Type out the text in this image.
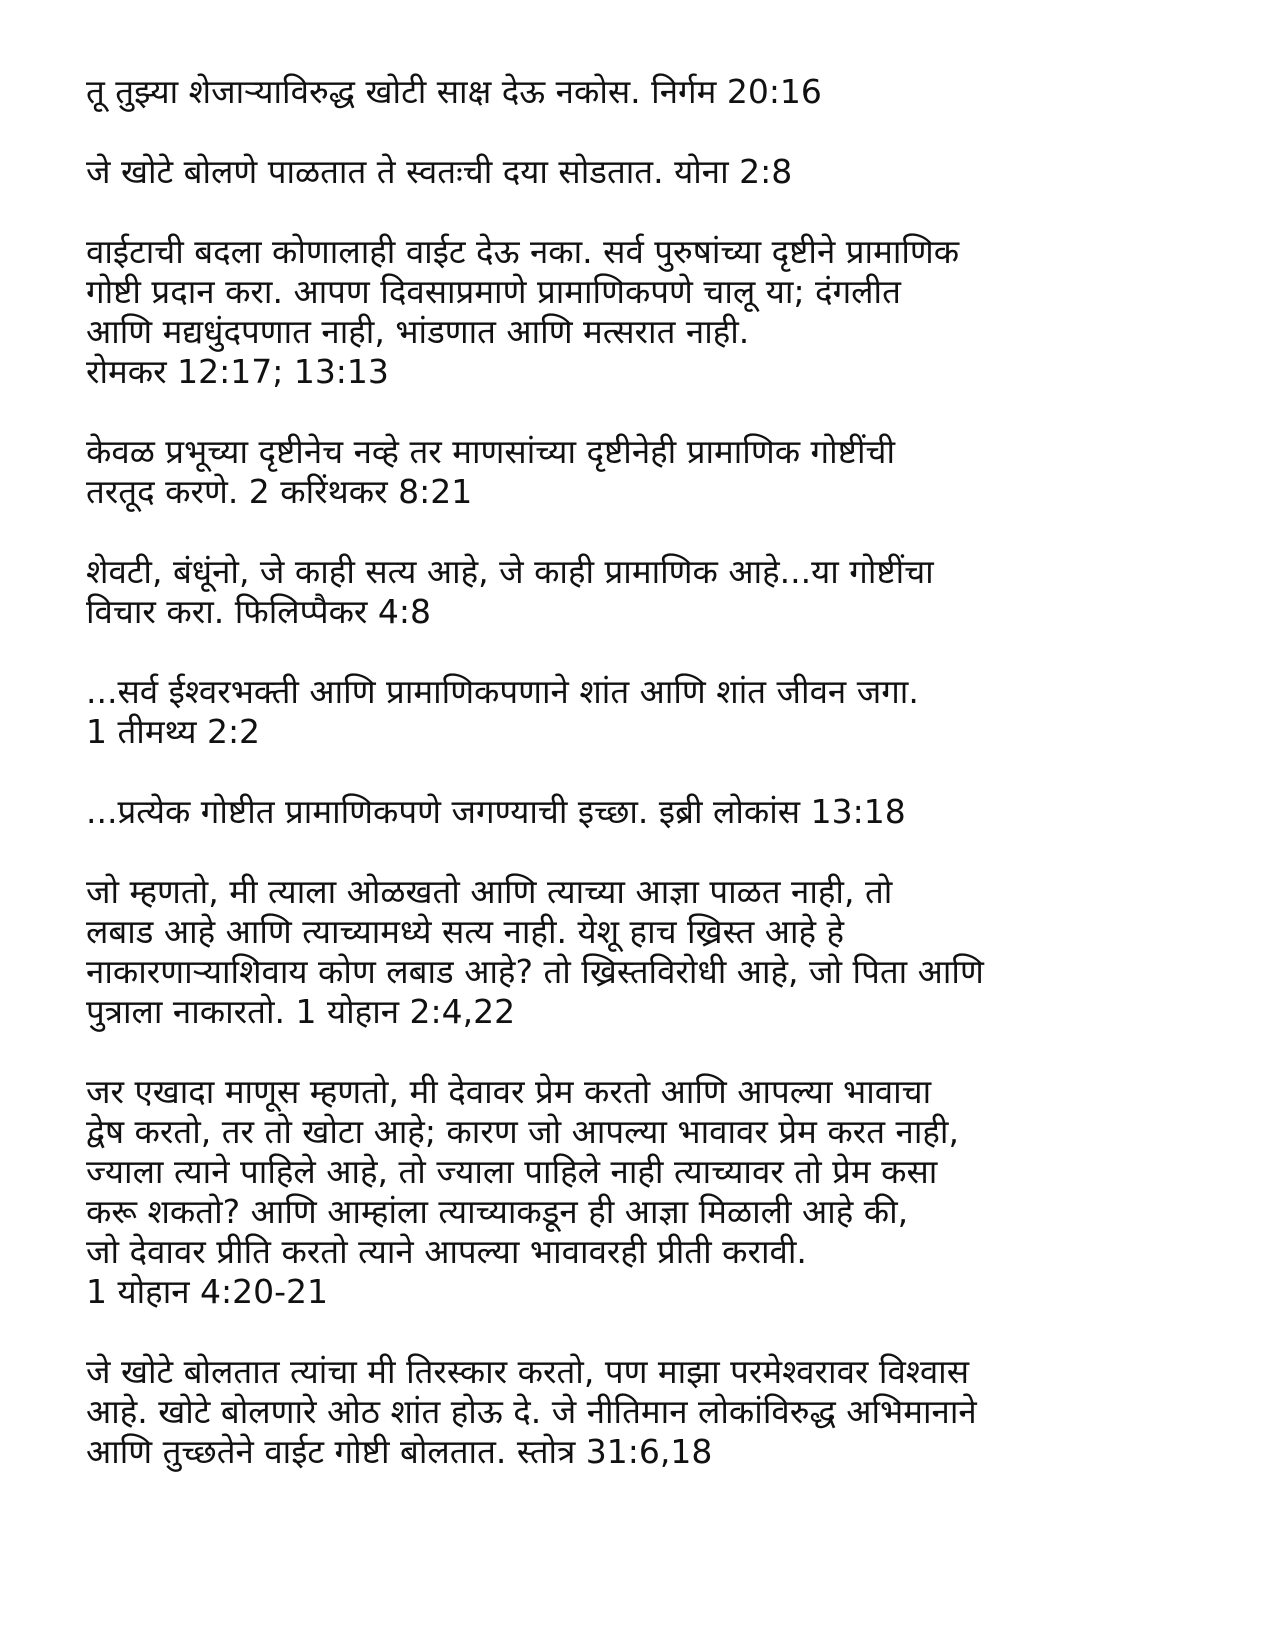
तू तुझ्या शेजाऱ्याविरुद्ध खोटी साक्ष देऊ नकोस. निर्गम 20:16

जे खोटे बोलणे पाळतात ते स्वतःची दया सोडतात. योना 2:8

वाईटाची बदला कोणालाही वाईट देऊ नका. सर्व पुरुषांच्या दृष्टीने प्रामाणिक
गोष्टी प्रदान करा. आपण दिवसाप्रमाणे प्रामाणिकपणे चालू या; दंगलीत
आणि मद्यधुंदपणात नाही, भांडणात आणि मत्सरात नाही.
रोमकर 12:17; 13:13

केवळ प्रभूच्या दृष्टीनेच नव्हे तर माणसांच्या दृष्टीनेही प्रामाणिक गोष्टींची
तरतूद करणे. 2 करिंथकर 8:21

शेवटी, बंधूंनो, जे काही सत्य आहे, जे काही प्रामाणिक आहे...या गोष्टींचा
विचार करा. फिलिप्पैकर 4:8

...सर्व ईश्वरभक्ती आणि प्रामाणिकपणाने शांत आणि शांत जीवन जगा.
1 तीमथ्य 2:2

...प्रत्येक गोष्टीत प्रामाणिकपणे जगण्याची इच्छा. इब्री लोकांस 13:18

जो म्हणतो, मी त्याला ओळखतो आणि त्याच्या आज्ञा पाळत नाही, तो
लबाड आहे आणि त्याच्यामध्ये सत्य नाही. येशू हाच ख्रिस्त आहे हे
नाकारणाऱ्याशिवाय कोण लबाड आहे? तो ख्रिस्तविरोधी आहे, जो पिता आणि
पुत्राला नाकारतो. 1 योहान 2:4,22

जर एखादा माणूस म्हणतो, मी देवावर प्रेम करतो आणि आपल्या भावाचा
द्वेष करतो, तर तो खोटा आहे; कारण जो आपल्या भावावर प्रेम करत नाही,
ज्याला त्याने पाहिले आहे, तो ज्याला पाहिले नाही त्याच्यावर तो प्रेम कसा
करू शकतो? आणि आम्हांला त्याच्याकडून ही आज्ञा मिळाली आहे की,
जो देवावर प्रीति करतो त्याने आपल्या भावावरही प्रीती करावी.
1 योहान 4:20-21

जे खोटे बोलतात त्यांचा मी तिरस्कार करतो, पण माझा परमेश्वरावर विश्वास
आहे. खोटे बोलणारे ओठ शांत होऊ दे. जे नीतिमान लोकांविरुद्ध अभिमानाने
आणि तुच्छतेने वाईट गोष्टी बोलतात. स्तोत्र 31:6,18
